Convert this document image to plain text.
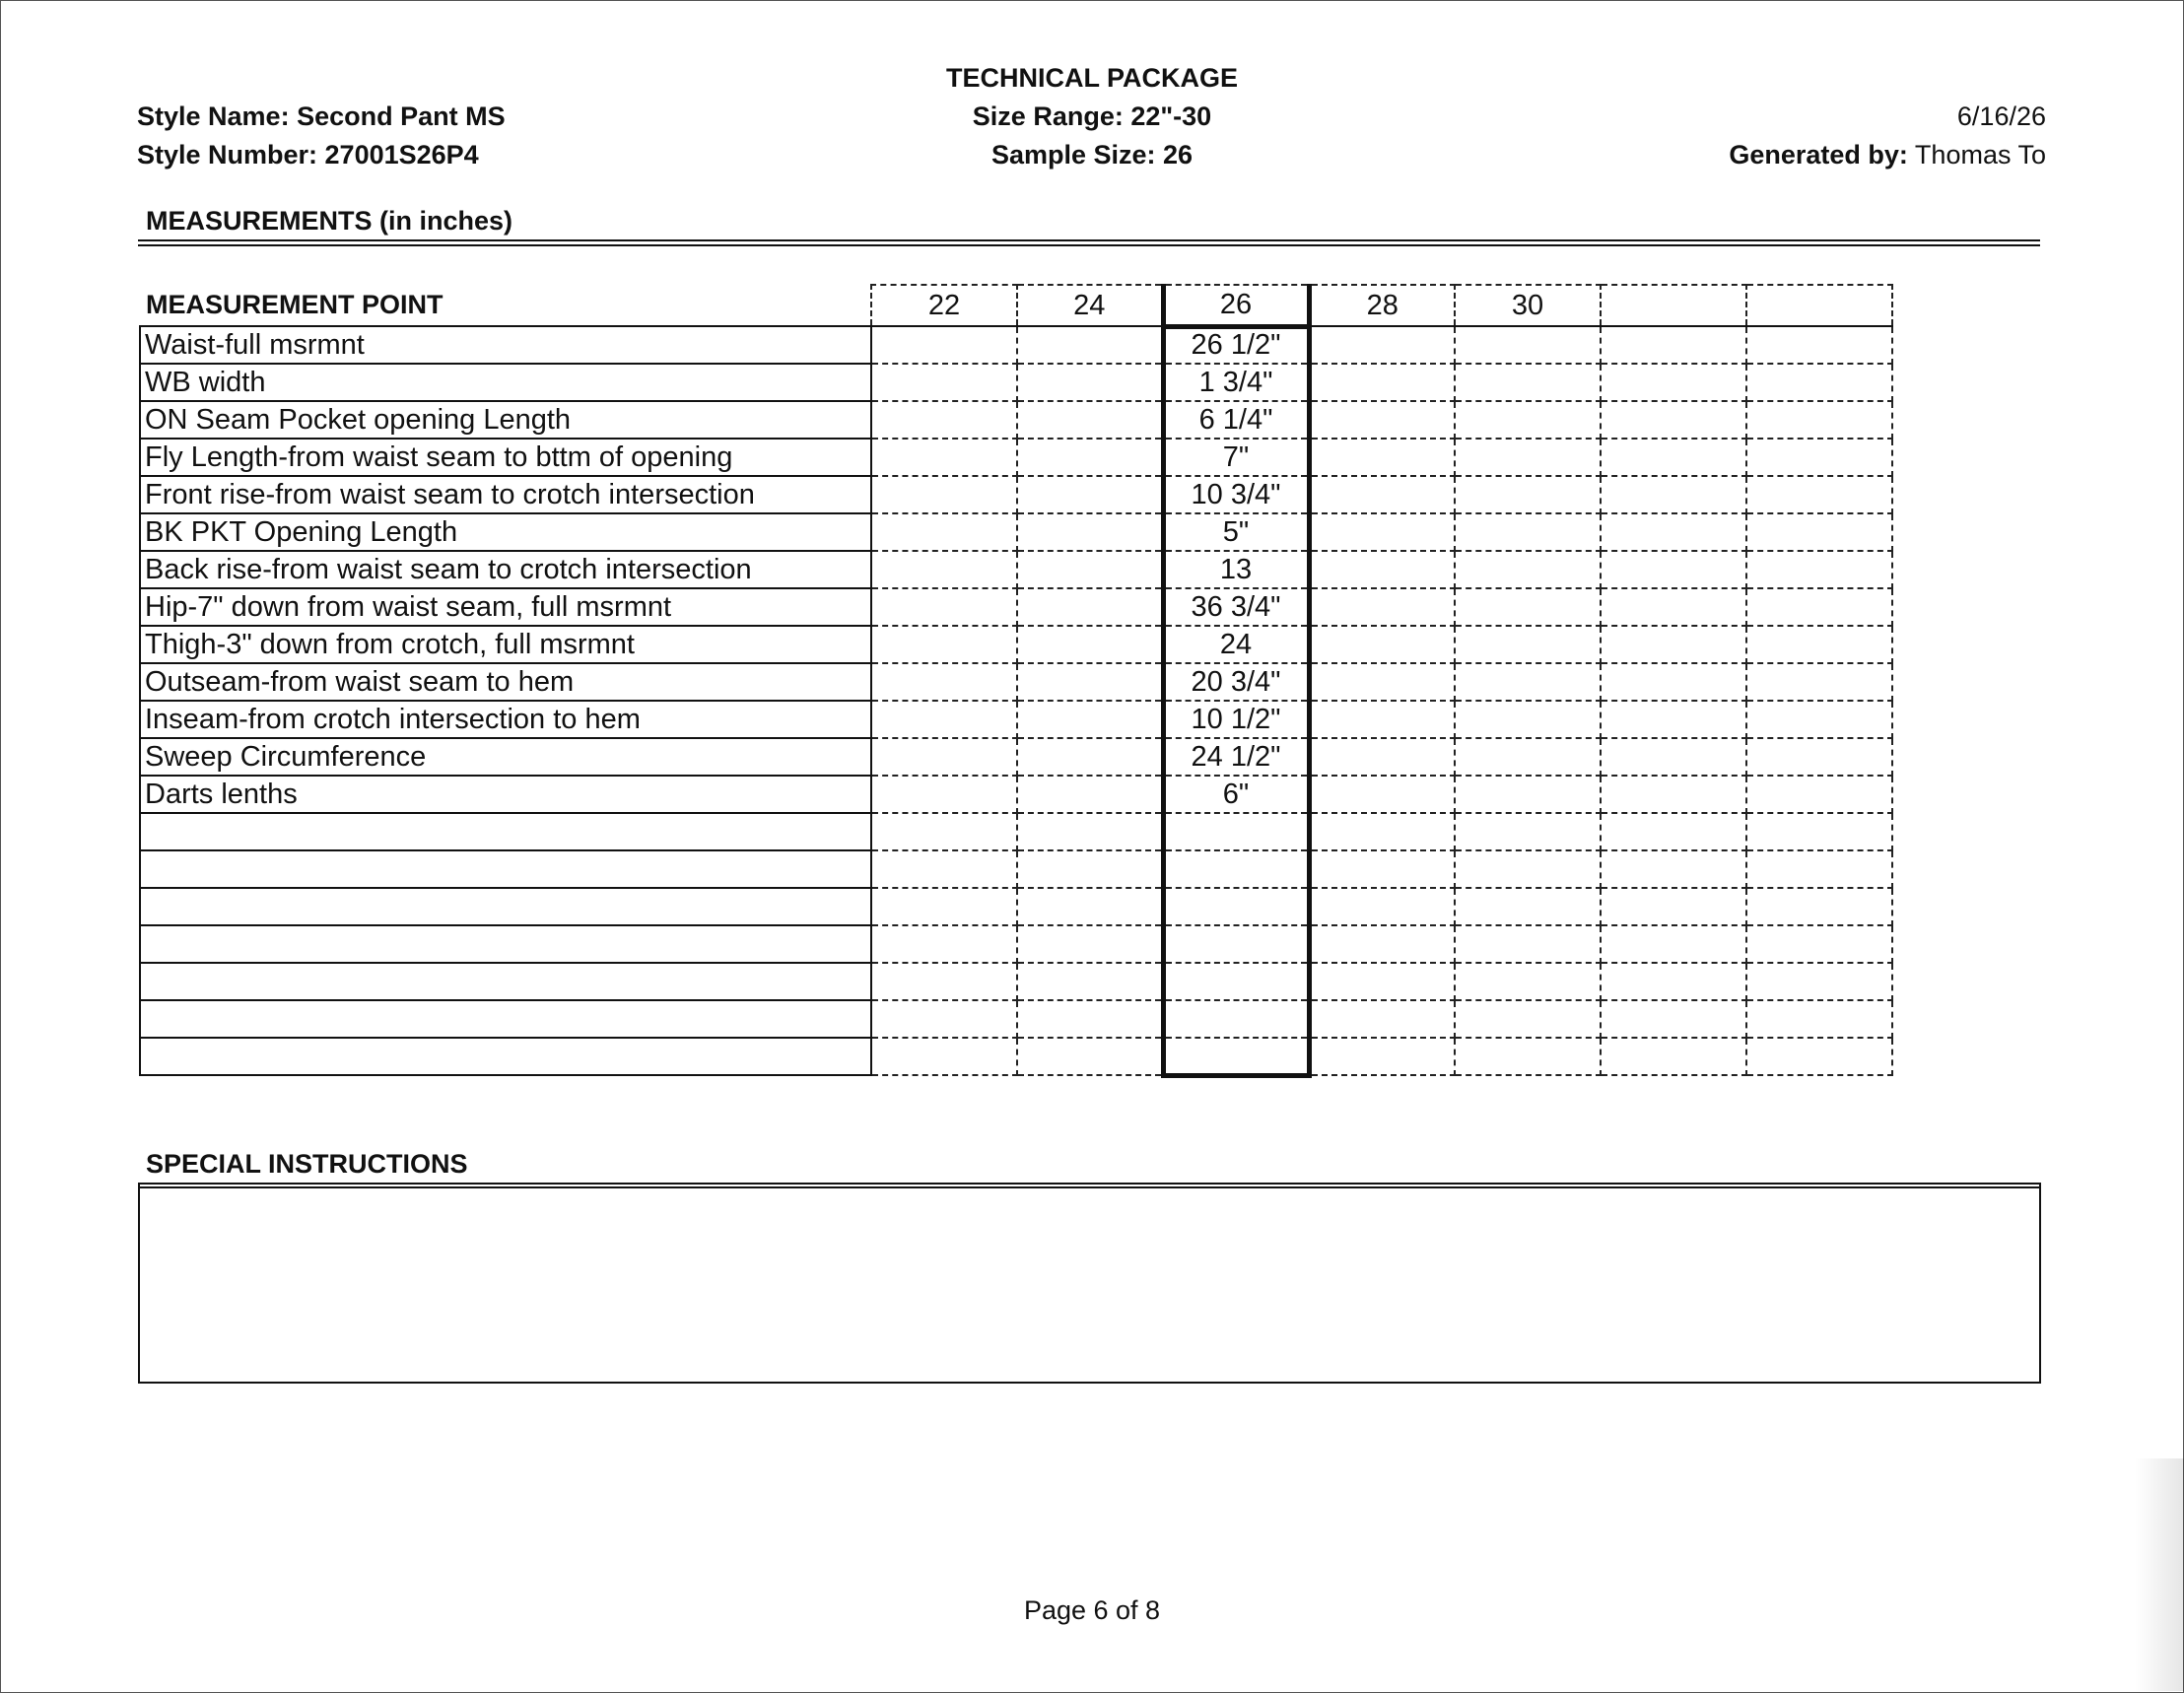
TECHNICAL PACKAGE
Style Name: Second Pant MS
Style Number: 27001S26P4
Size Range: 22"-30
Sample Size: 26
6/16/26
Generated by: Thomas To
MEASUREMENTS (in inches)
MEASUREMENT POINT	22	24	26	28	30		
Waist-full msrmnt			26 1/2"				
WB width			1 3/4"				
ON Seam Pocket opening Length			6 1/4"				
Fly Length-from waist seam to bttm of opening			7"				
Front rise-from waist seam to crotch intersection			10 3/4"				
BK PKT Opening Length			5"				
Back rise-from waist seam to crotch intersection			13				
Hip-7" down from waist seam, full msrmnt			36 3/4"				
Thigh-3" down from crotch, full msrmnt			24				
Outseam-from waist seam to hem			20 3/4"				
Inseam-from crotch intersection to hem			10 1/2"				
Sweep Circumference			24 1/2"				
Darts lenths			6"				

SPECIAL INSTRUCTIONS
Page 6 of 8
